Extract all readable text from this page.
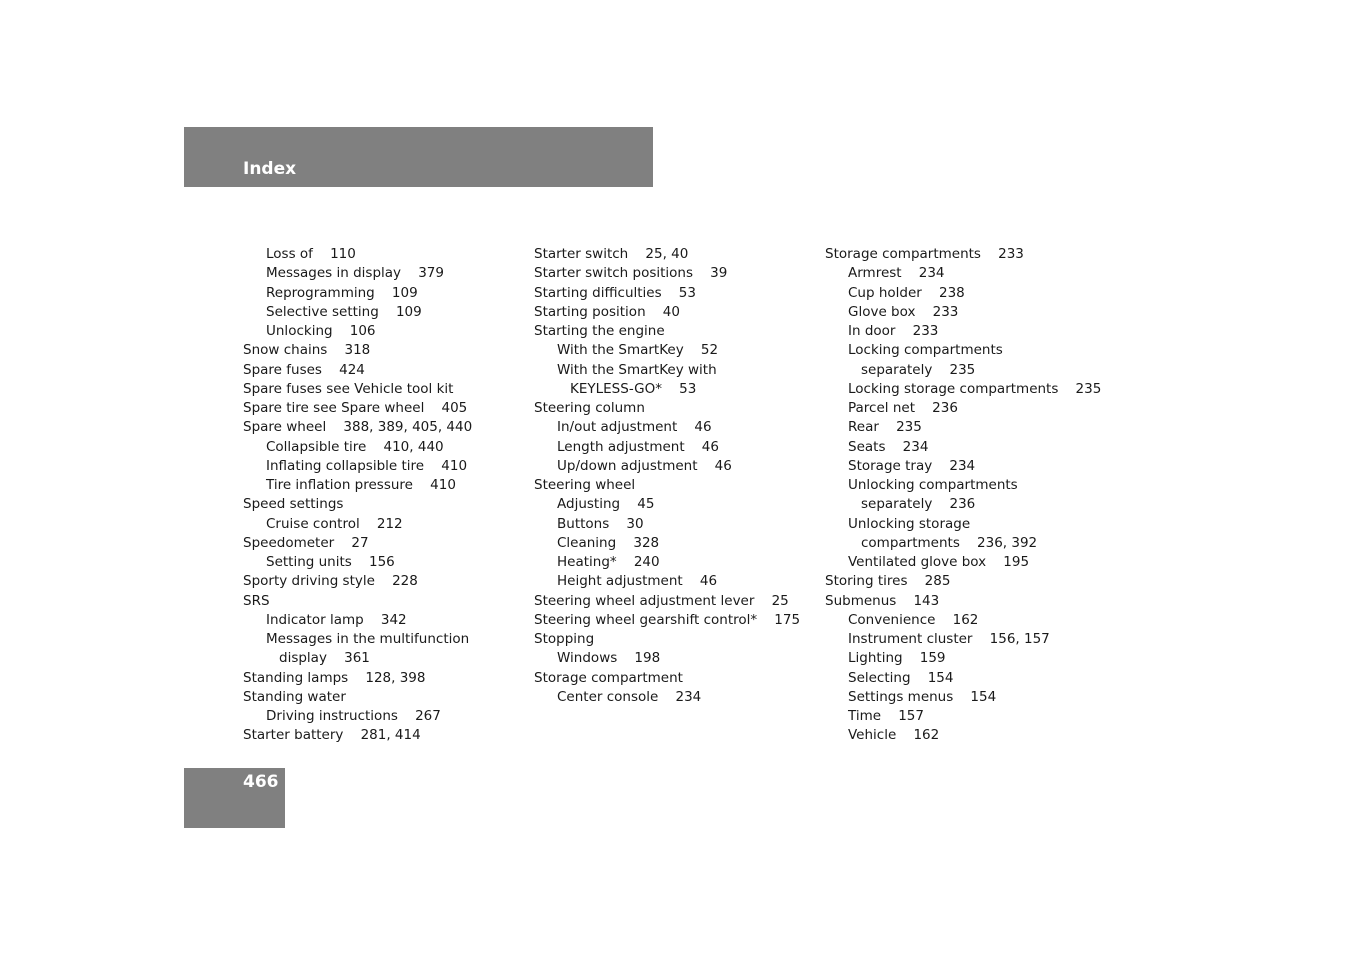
Index
Loss of    110
Messages in display    379
Reprogramming    109
Selective setting    109
Unlocking    106
Snow chains    318
Spare fuses    424
Spare fuses see Vehicle tool kit
Spare tire see Spare wheel    405
Spare wheel    388, 389, 405, 440
Collapsible tire    410, 440
Inflating collapsible tire    410
Tire inflation pressure    410
Speed settings
Cruise control    212
Speedometer    27
Setting units    156
Sporty driving style    228
SRS
Indicator lamp    342
Messages in the multifunction
display    361
Standing lamps    128, 398
Standing water
Driving instructions    267
Starter battery    281, 414
Starter switch    25, 40
Starter switch positions    39
Starting difficulties    53
Starting position    40
Starting the engine
With the SmartKey    52
With the SmartKey with
KEYLESS-GO*    53
Steering column
In/out adjustment    46
Length adjustment    46
Up/down adjustment    46
Steering wheel
Adjusting    45
Buttons    30
Cleaning    328
Heating*    240
Height adjustment    46
Steering wheel adjustment lever    25
Steering wheel gearshift control*    175
Stopping
Windows    198
Storage compartment
Center console    234
Storage compartments    233
Armrest    234
Cup holder    238
Glove box    233
In door    233
Locking compartments
separately    235
Locking storage compartments    235
Parcel net    236
Rear    235
Seats    234
Storage tray    234
Unlocking compartments
separately    236
Unlocking storage
compartments    236, 392
Ventilated glove box    195
Storing tires    285
Submenus    143
Convenience    162
Instrument cluster    156, 157
Lighting    159
Selecting    154
Settings menus    154
Time    157
Vehicle    162
466
